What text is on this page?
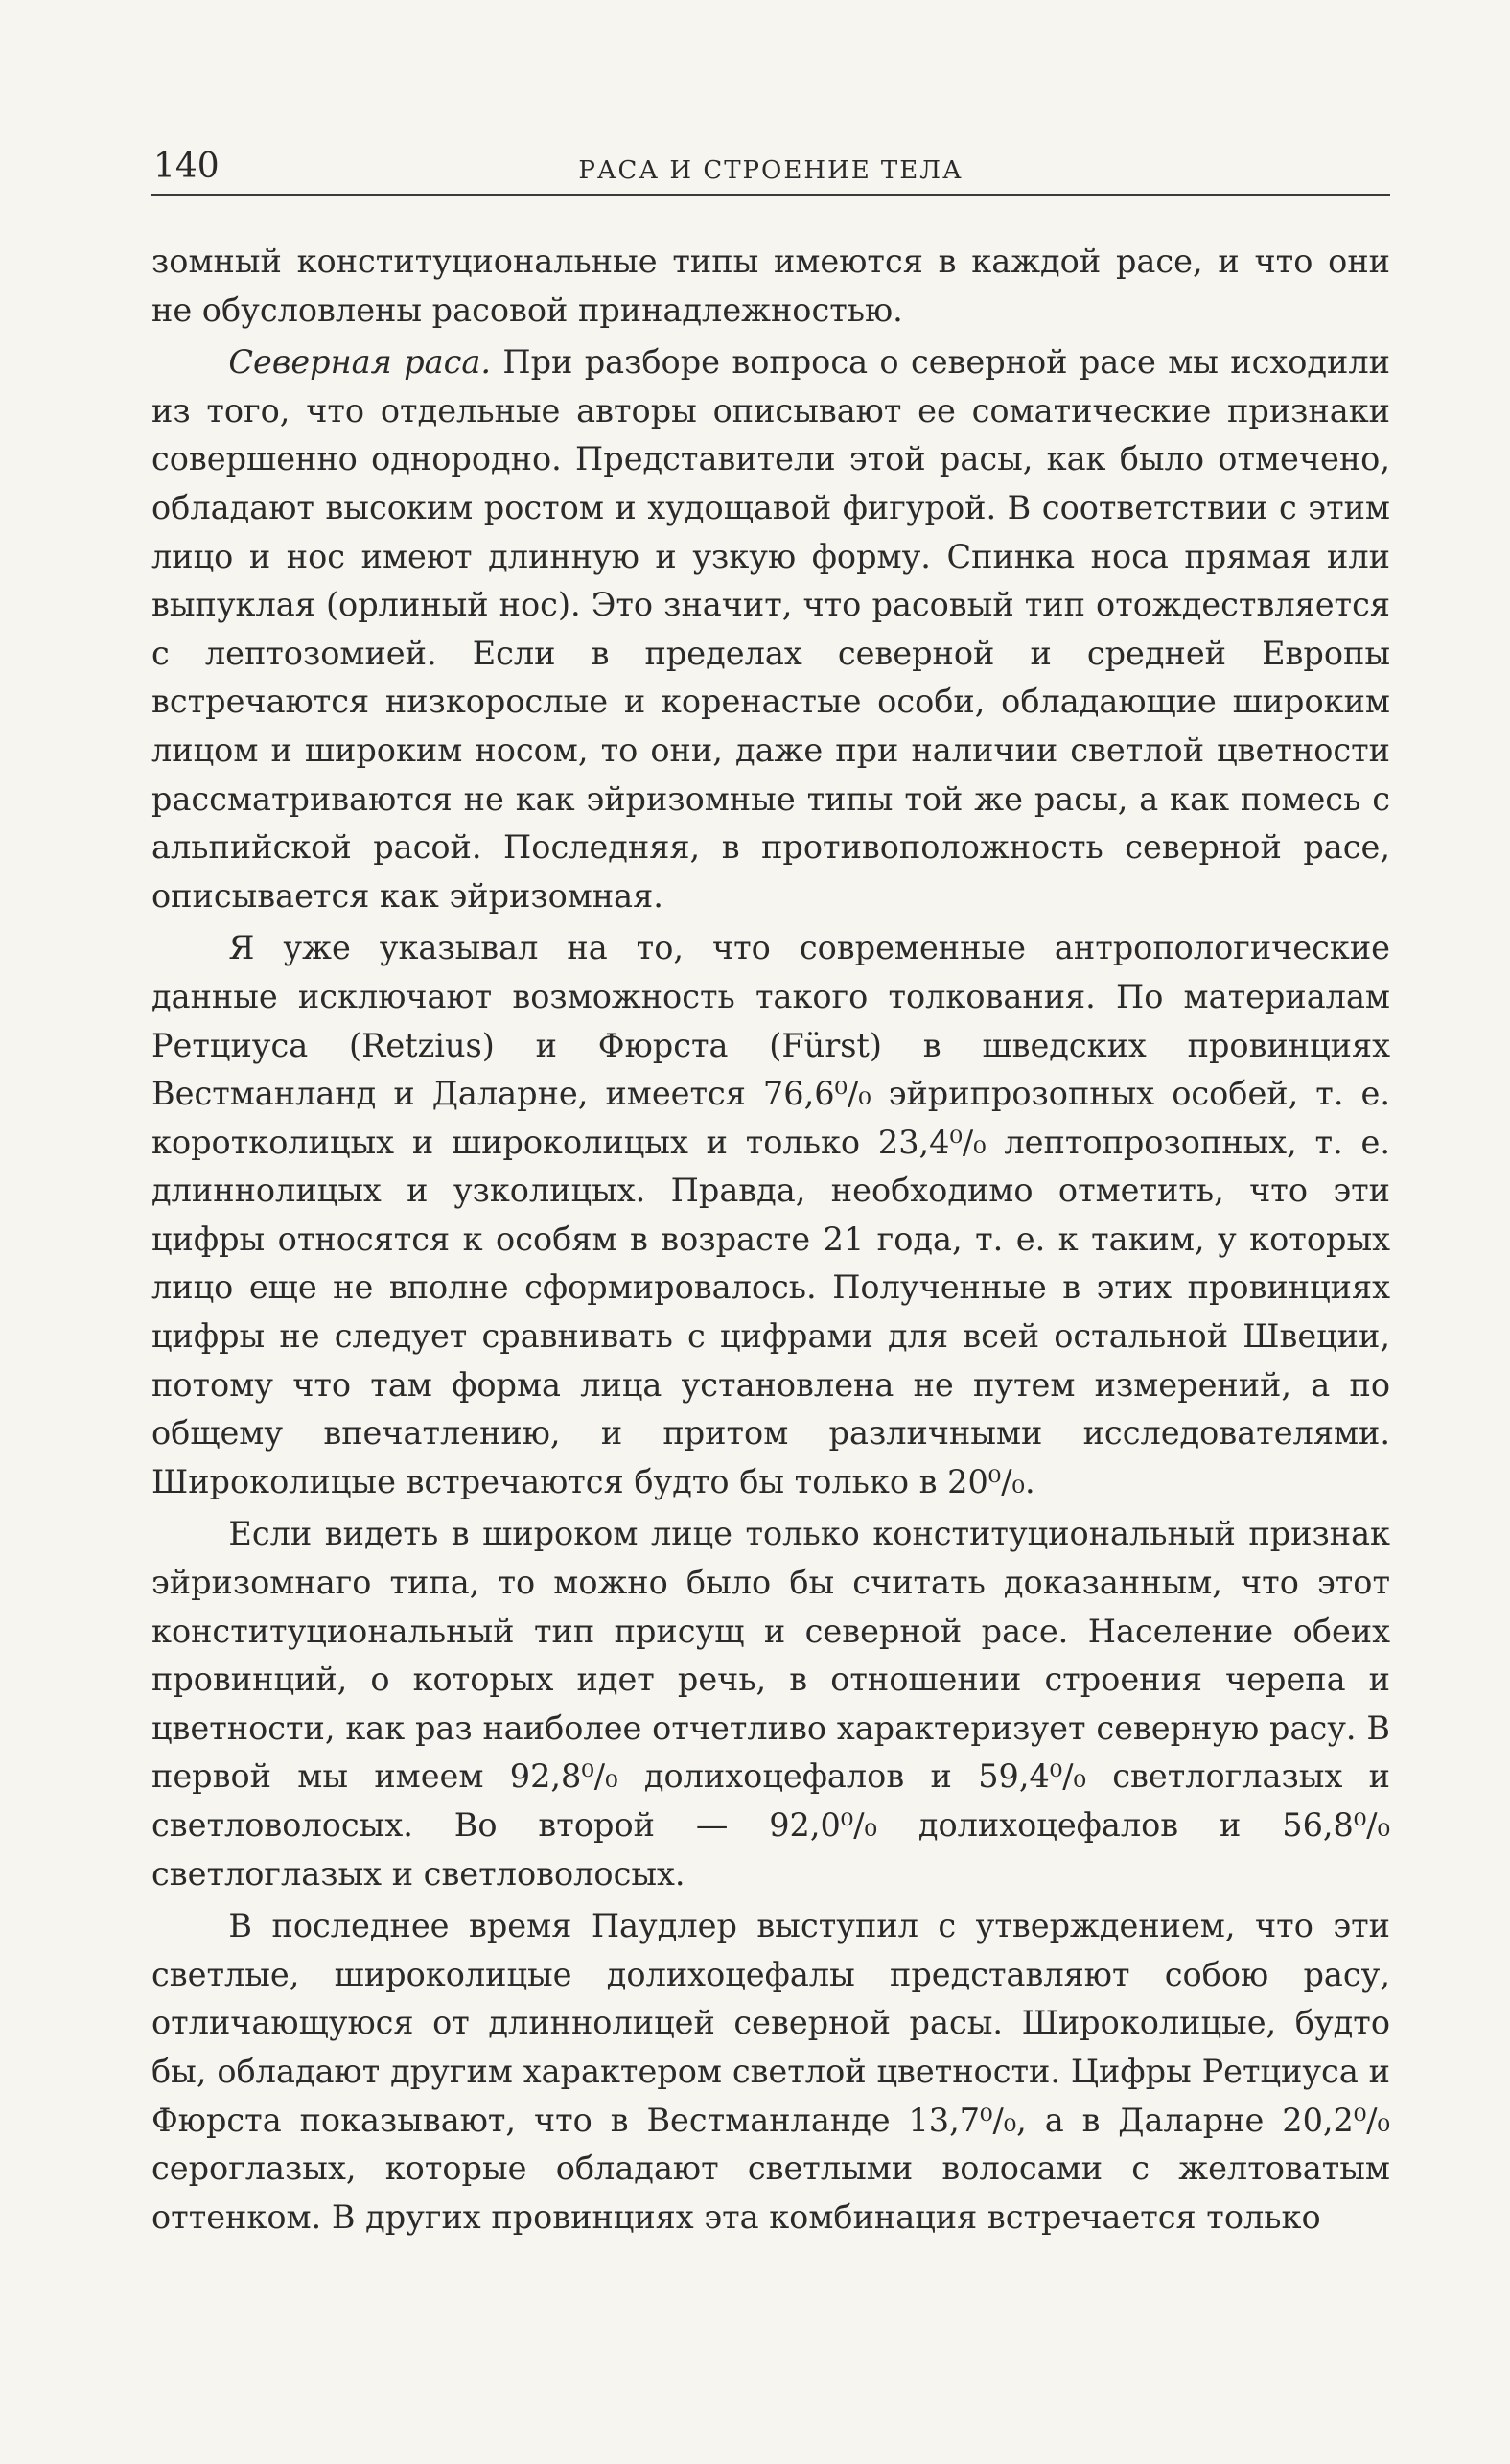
140	РАСА И СТРОЕНИЕ ТЕЛА

зомный конституциональные типы имеются в каждой расе, и что они не обусловлены расовой принадлежностью.

Северная раса. При разборе вопроса о северной расе мы исходили из того, что отдельные авторы описывают ее соматические признаки совершенно однородно. Представители этой расы, как было отмечено, обладают высоким ростом и худощавой фигурой. В соответствии с этим лицо и нос имеют длинную и узкую форму. Спинка носа прямая или выпуклая (орлиный нос). Это значит, что расовый тип отождествляется с лептозомией. Если в пределах северной и средней Европы встречаются низкорослые и коренастые особи, обладающие широким лицом и широким носом, то они, даже при наличии светлой цветности рассматриваются не как эйризомные типы той же расы, а как помесь с альпийской расой. Последняя, в противоположность северной расе, описывается как эйризомная.

Я уже указывал на то, что современные антропологические данные исключают возможность такого толкования. По материалам Ретциуса (Retzius) и Фюрста (Fürst) в шведских провинциях Вестманланд и Даларне, имеется 76,6⁰/₀ эйрипрозопных особей, т. е. коротколицых и широколицых и только 23,4⁰/₀ лептопрозопных, т. е. длиннолицых и узколицых. Правда, необходимо отметить, что эти цифры относятся к особям в возрасте 21 года, т. е. к таким, у которых лицо еще не вполне сформировалось. Полученные в этих провинциях цифры не следует сравнивать с цифрами для всей остальной Швеции, потому что там форма лица установлена не путем измерений, а по общему впечатлению, и притом различными исследователями. Широколицые встречаются будто бы только в 20⁰/₀.

Если видеть в широком лице только конституциональный признак эйризомнаго типа, то можно было бы считать доказанным, что этот конституциональный тип присущ и северной расе. Население обеих провинций, о которых идет речь, в отношении строения черепа и цветности, как раз наиболее отчетливо характеризует северную расу. В первой мы имеем 92,8⁰/₀ долихоцефалов и 59,4⁰/₀ светлоглазых и светловолосых. Во второй — 92,0⁰/₀ долихоцефалов и 56,8⁰/₀ светлоглазых и светловолосых.

В последнее время Паудлер выступил с утверждением, что эти светлые, широколицые долихоцефалы представляют собою расу, отличающуюся от длиннолицей северной расы. Широколицые, будто бы, обладают другим характером светлой цветности. Цифры Ретциуса и Фюрста показывают, что в Вестманланде 13,7⁰/₀, а в Даларне 20,2⁰/₀ сероглазых, которые обладают светлыми волосами с желтоватым оттенком. В других провинциях эта комбинация встречается только
